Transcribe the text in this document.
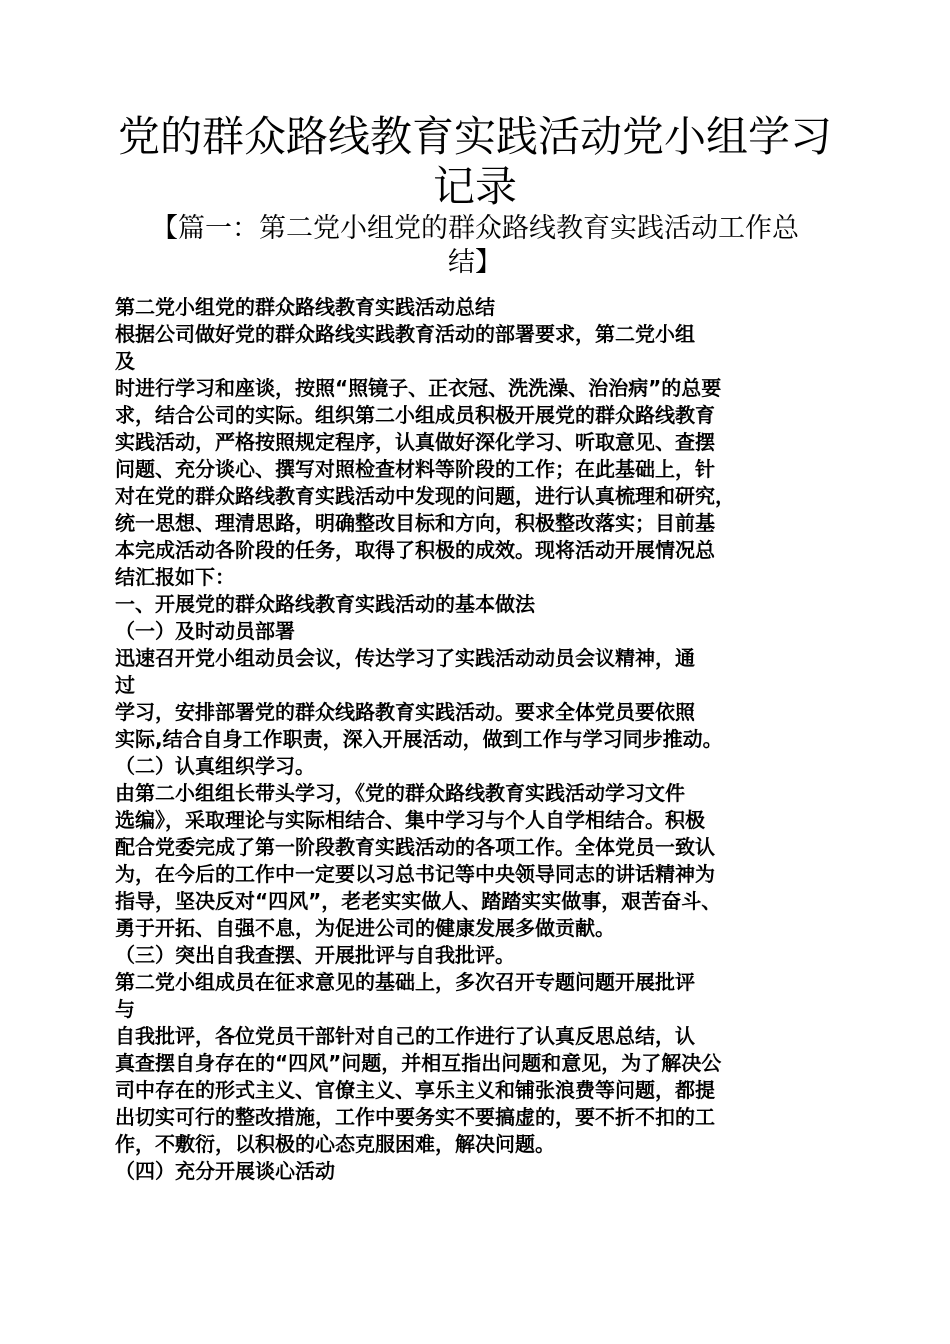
党的群众路线教育实践活动党小组学习
记录
【篇一：第二党小组党的群众路线教育实践活动工作总
结】
第二党小组党的群众路线教育实践活动总结
根据公司做好党的群众路线实践教育活动的部署要求，第二党小组
及
时进行学习和座谈，按照“照镜子、正衣冠、洗洗澡、治治病”的总要
求，结合公司的实际。组织第二小组成员积极开展党的群众路线教育
实践活动，严格按照规定程序，认真做好深化学习、听取意见、查摆
问题、充分谈心、撰写对照检查材料等阶段的工作；在此基础上，针
对在党的群众路线教育实践活动中发现的问题，进行认真梳理和研究，
统一思想、理清思路，明确整改目标和方向，积极整改落实；目前基
本完成活动各阶段的任务，取得了积极的成效。现将活动开展情况总
结汇报如下：
一、开展党的群众路线教育实践活动的基本做法
（一）及时动员部署
迅速召开党小组动员会议，传达学习了实践活动动员会议精神，通
过
学习，安排部署党的群众线路教育实践活动。要求全体党员要依照
实际,结合自身工作职责，深入开展活动，做到工作与学习同步推动。
（二）认真组织学习。
由第二小组组长带头学习，《党的群众路线教育实践活动学习文件
选编》，采取理论与实际相结合、集中学习与个人自学相结合。积极
配合党委完成了第一阶段教育实践活动的各项工作。全体党员一致认
为，在今后的工作中一定要以习总书记等中央领导同志的讲话精神为
指导，坚决反对“四风”，老老实实做人、踏踏实实做事，艰苦奋斗、
勇于开拓、自强不息，为促进公司的健康发展多做贡献。
（三）突出自我查摆、开展批评与自我批评。
第二党小组成员在征求意见的基础上，多次召开专题问题开展批评
与
自我批评，各位党员干部针对自己的工作进行了认真反思总结，认
真查摆自身存在的“四风”问题，并相互指出问题和意见，为了解决公
司中存在的形式主义、官僚主义、享乐主义和铺张浪费等问题，都提
出切实可行的整改措施，工作中要务实不要搞虚的，要不折不扣的工
作，不敷衍，以积极的心态克服困难，解决问题。
（四）充分开展谈心活动
